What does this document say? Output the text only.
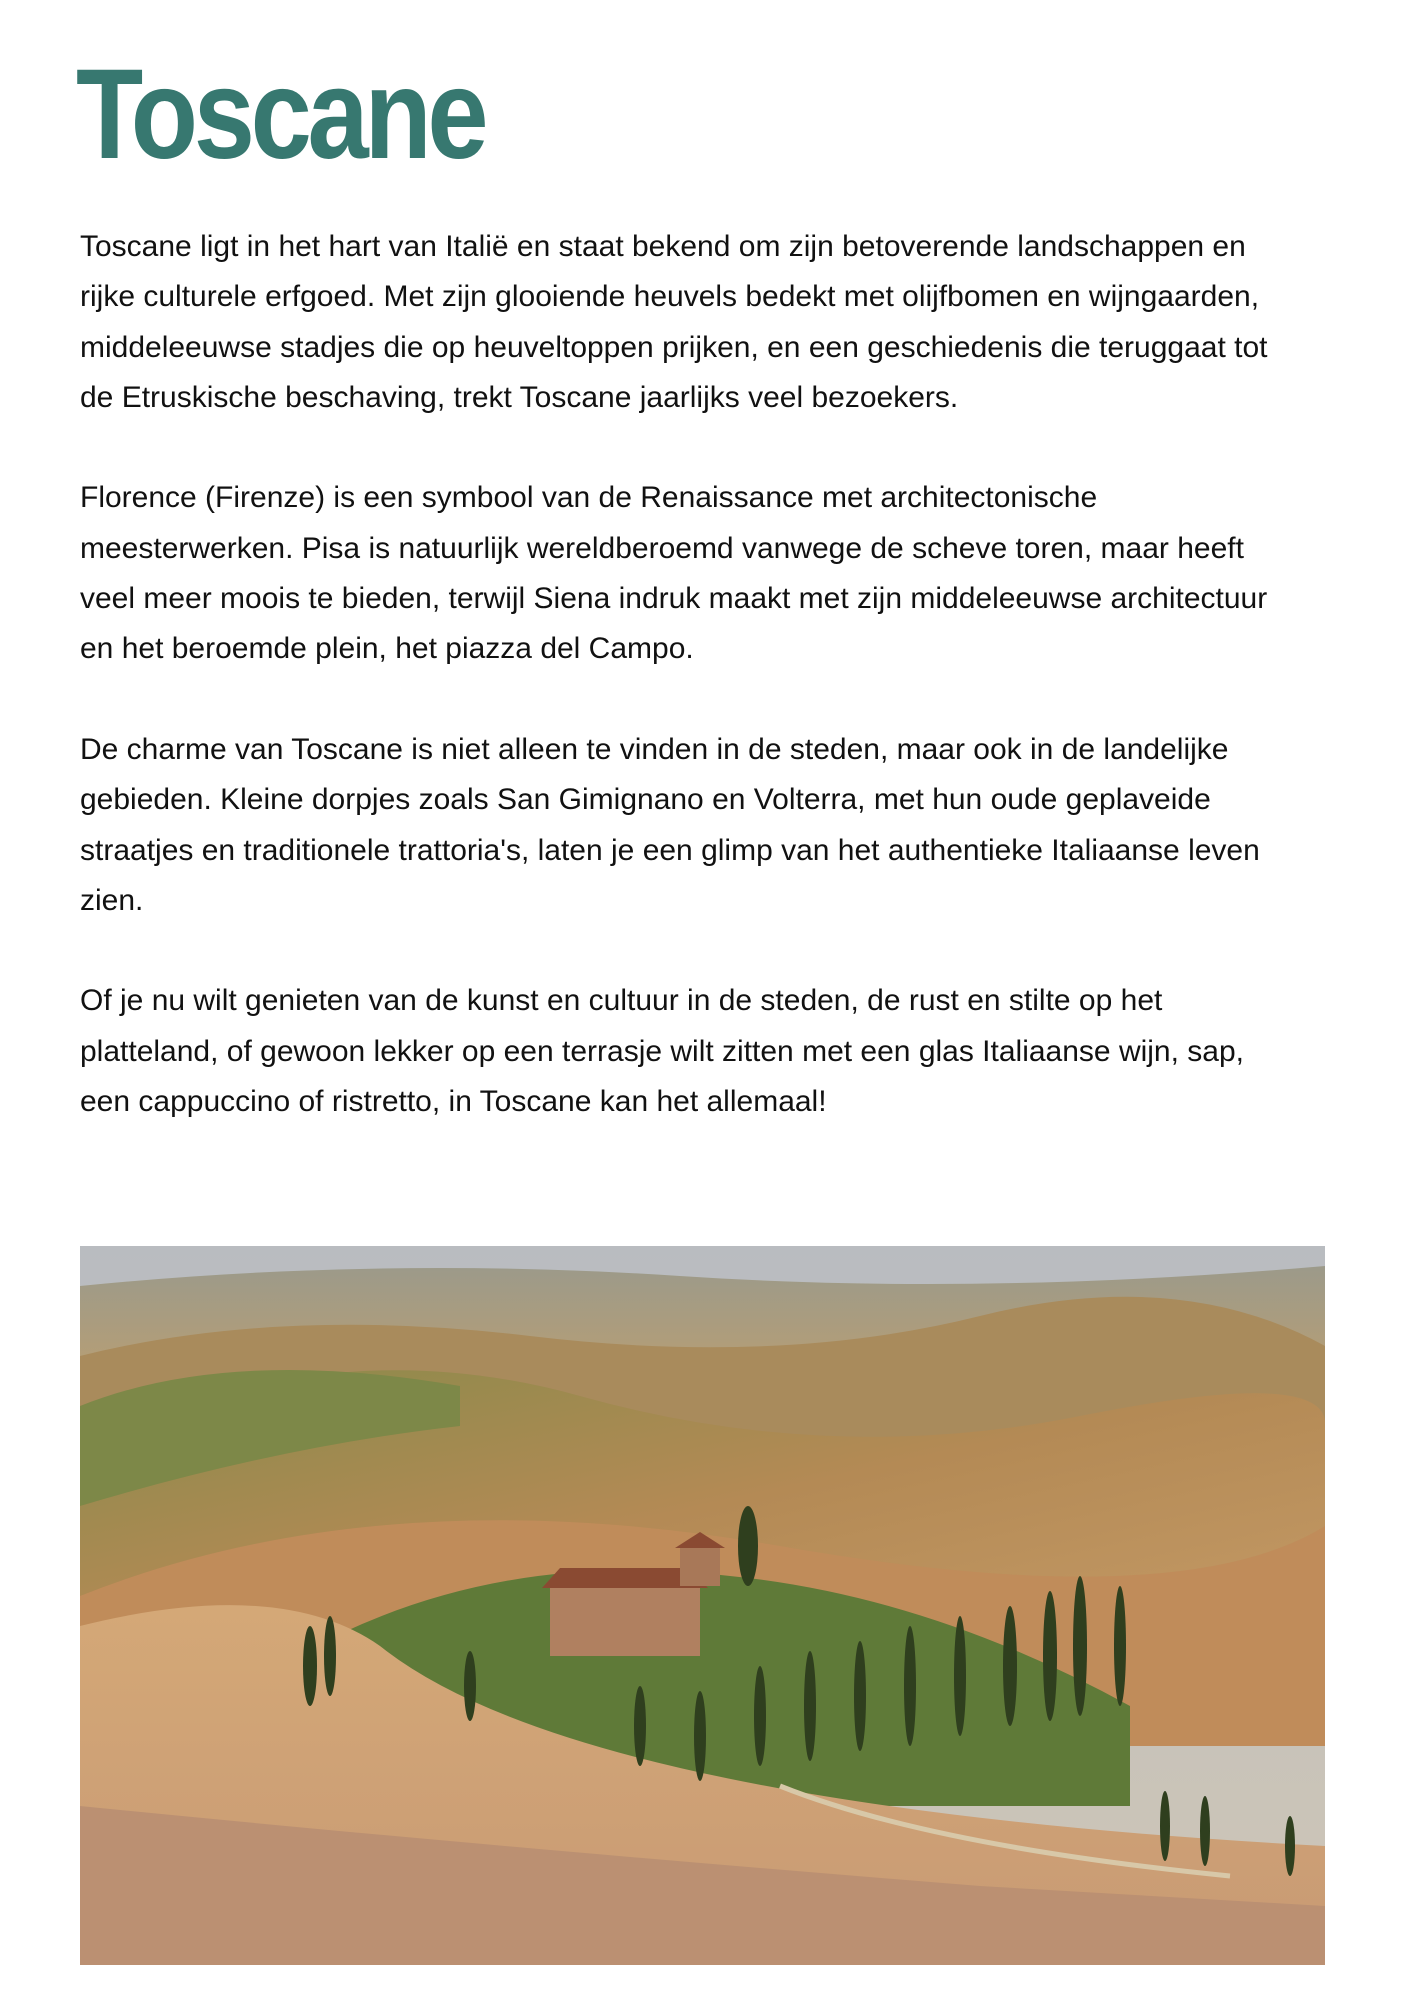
Toscane

Toscane ligt in het hart van Italië en staat bekend om zijn betoverende landschappen en
rijke culturele erfgoed. Met zijn glooiende heuvels bedekt met olijfbomen en wijngaarden,
middeleeuwse stadjes die op heuveltoppen prijken, en een geschiedenis die teruggaat tot
de Etruskische beschaving, trekt Toscane jaarlijks veel bezoekers.

Florence (Firenze) is een symbool van de Renaissance met architectonische
meesterwerken. Pisa is natuurlijk wereldberoemd vanwege de scheve toren, maar heeft
veel meer moois te bieden, terwijl Siena indruk maakt met zijn middeleeuwse architectuur
en het beroemde plein, het piazza del Campo.

De charme van Toscane is niet alleen te vinden in de steden, maar ook in de landelijke
gebieden. Kleine dorpjes zoals San Gimignano en Volterra, met hun oude geplaveide
straatjes en traditionele trattoria's, laten je een glimp van het authentieke Italiaanse leven
zien.

Of je nu wilt genieten van de kunst en cultuur in de steden, de rust en stilte op het
platteland, of gewoon lekker op een terrasje wilt zitten met een glas Italiaanse wijn, sap,
een cappuccino of ristretto, in Toscane kan het allemaal!
